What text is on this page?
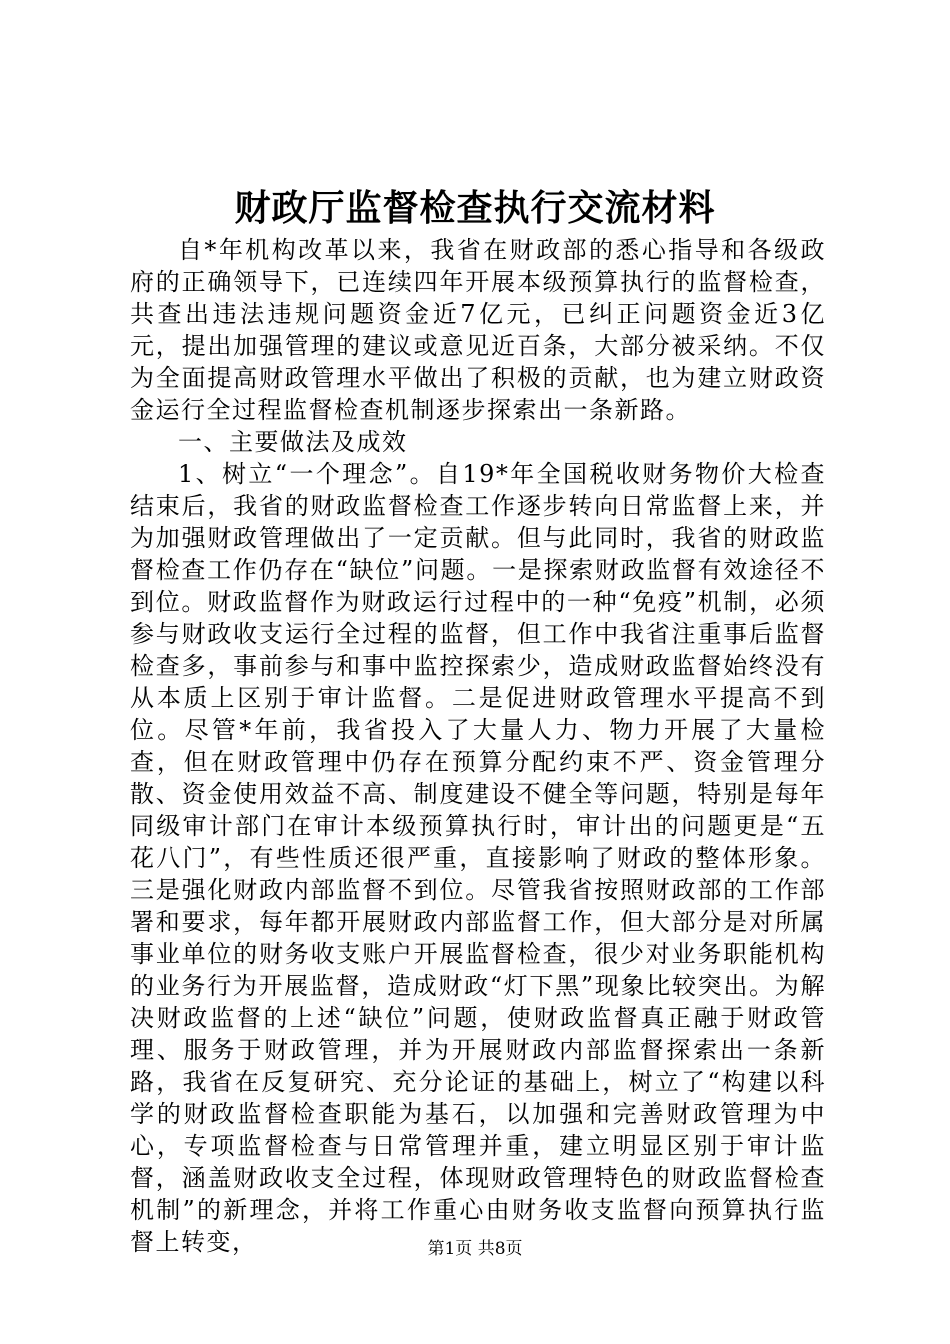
财政厅监督检查执行交流材料

自*年机构改革以来，我省在财政部的悉心指导和各级政府的正确领导下，已连续四年开展本级预算执行的监督检查，共查出违法违规问题资金近7亿元，已纠正问题资金近3亿元，提出加强管理的建议或意见近百条，大部分被采纳。不仅为全面提高财政管理水平做出了积极的贡献，也为建立财政资金运行全过程监督检查机制逐步探索出一条新路。

一、主要做法及成效

1、树立“一个理念”。自19*年全国税收财务物价大检查结束后，我省的财政监督检查工作逐步转向日常监督上来，并为加强财政管理做出了一定贡献。但与此同时，我省的财政监督检查工作仍存在“缺位”问题。一是探索财政监督有效途径不到位。财政监督作为财政运行过程中的一种“免疫”机制，必须参与财政收支运行全过程的监督，但工作中我省注重事后监督检查多，事前参与和事中监控探索少，造成财政监督始终没有从本质上区别于审计监督。二是促进财政管理水平提高不到位。尽管*年前，我省投入了大量人力、物力开展了大量检查，但在财政管理中仍存在预算分配约束不严、资金管理分散、资金使用效益不高、制度建设不健全等问题，特别是每年同级审计部门在审计本级预算执行时，审计出的问题更是“五花八门”，有些性质还很严重，直接影响了财政的整体形象。三是强化财政内部监督不到位。尽管我省按照财政部的工作部署和要求，每年都开展财政内部监督工作，但大部分是对所属事业单位的财务收支账户开展监督检查，很少对业务职能机构的业务行为开展监督，造成财政“灯下黑”现象比较突出。为解决财政监督的上述“缺位”问题，使财政监督真正融于财政管理、服务于财政管理，并为开展财政内部监督探索出一条新路，我省在反复研究、充分论证的基础上，树立了“构建以科学的财政监督检查职能为基石，以加强和完善财政管理为中心，专项监督检查与日常管理并重，建立明显区别于审计监督，涵盖财政收支全过程，体现财政管理特色的财政监督检查机制”的新理念，并将工作重心由财务收支监督向预算执行监督上转变，	第1页 共8页
